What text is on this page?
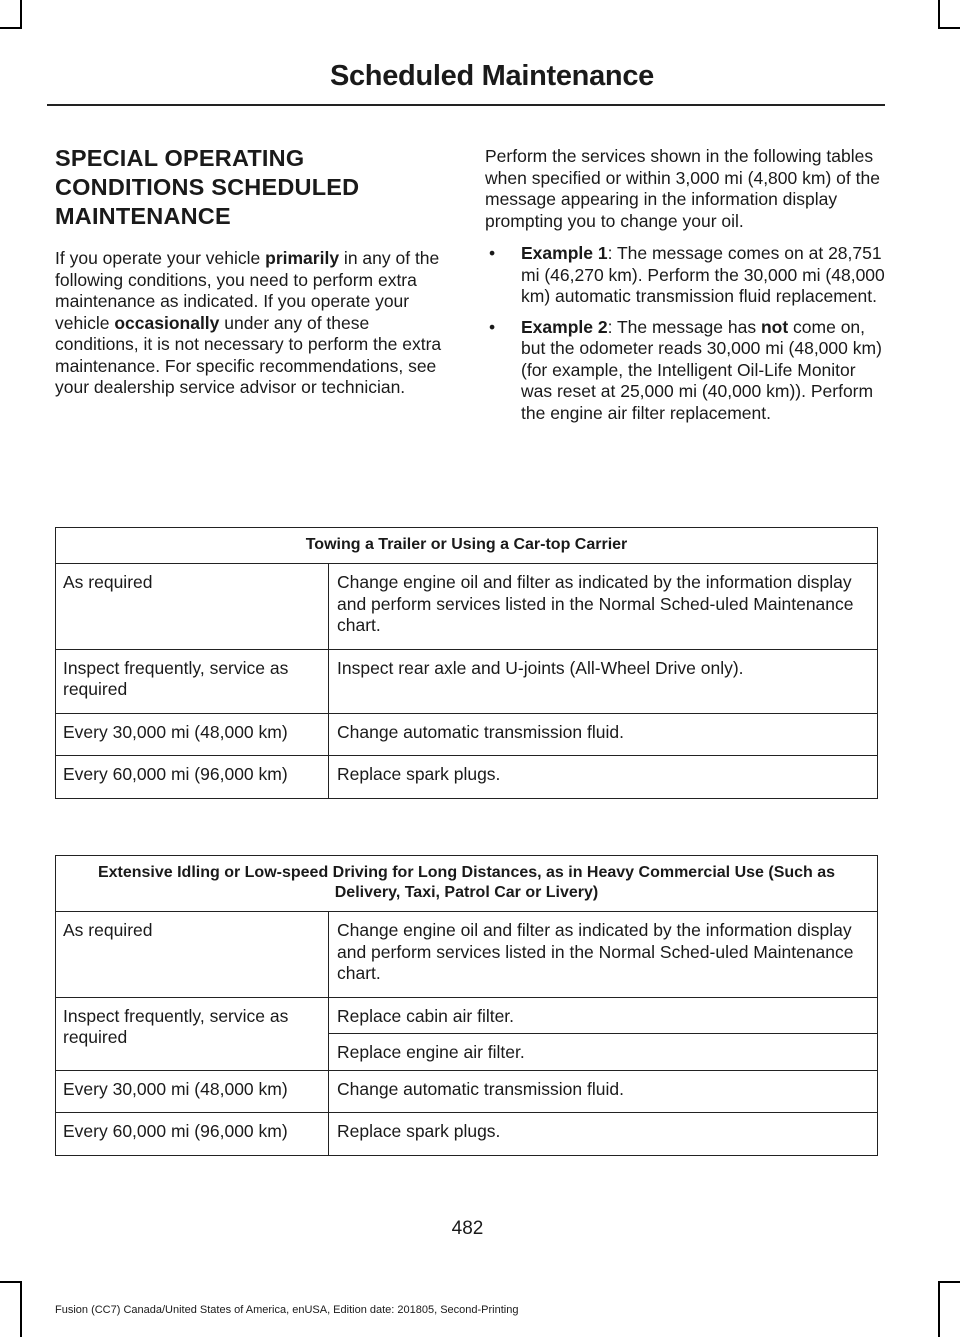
Scheduled Maintenance
SPECIAL OPERATING
CONDITIONS SCHEDULED
MAINTENANCE

If you operate your vehicle primarily in any of the following conditions, you need to perform extra maintenance as indicated. If you operate your vehicle occasionally under any of these conditions, it is not necessary to perform the extra maintenance. For specific recommendations, see your dealership service advisor or technician.

Perform the services shown in the following tables when specified or within 3,000 mi (4,800 km) of the message appearing in the information display prompting you to change your oil.

• Example 1: The message comes on at 28,751 mi (46,270 km). Perform the 30,000 mi (48,000 km) automatic transmission fluid replacement.
• Example 2: The message has not come on, but the odometer reads 30,000 mi (48,000 km) (for example, the Intelligent Oil-Life Monitor was reset at 25,000 mi (40,000 km)). Perform the engine air filter replacement.
Towing a Trailer or Using a Car-top Carrier	
As required	Change engine oil and filter as indicated by the information display and perform services listed in the Normal Sched-uled Maintenance chart.
Inspect frequently, service as required	Inspect rear axle and U-joints (All-Wheel Drive only).
Every 30,000 mi (48,000 km)	Change automatic transmission fluid.
Every 60,000 mi (96,000 km)	Replace spark plugs.
Extensive Idling or Low-speed Driving for Long Distances, as in Heavy Commercial Use (Such as Delivery, Taxi, Patrol Car or Livery)	
As required	Change engine oil and filter as indicated by the information display and perform services listed in the Normal Sched-uled Maintenance chart.
Inspect frequently, service as required	Replace cabin air filter.
	Replace engine air filter.
Every 30,000 mi (48,000 km)	Change automatic transmission fluid.
Every 60,000 mi (96,000 km)	Replace spark plugs.
482
Fusion (CC7) Canada/United States of America, enUSA, Edition date: 201805, Second-Printing
